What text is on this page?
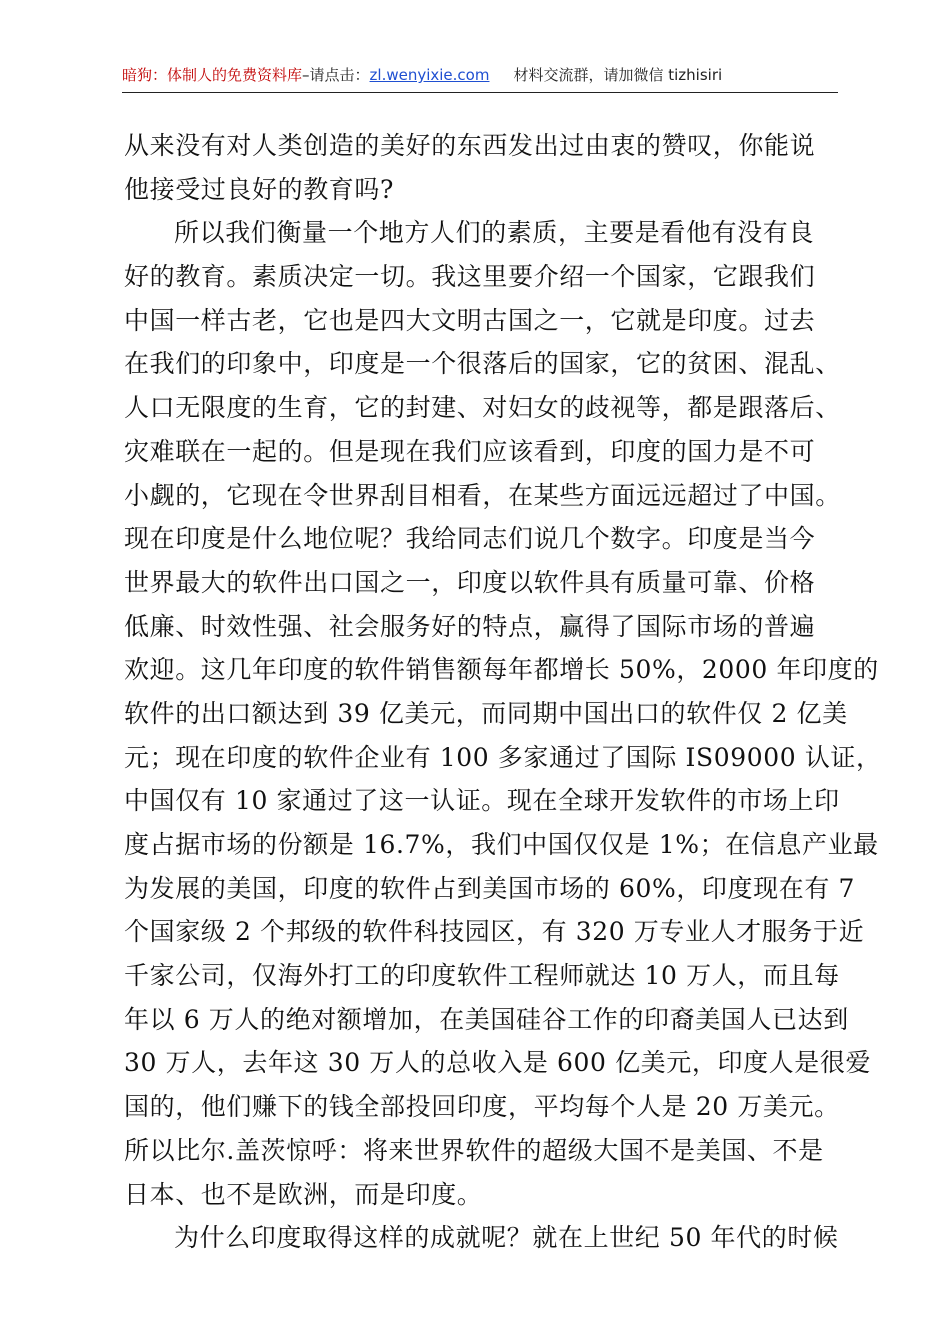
暗狗：体制人的免费资料库–请点击：zl.wenyixie.com 材料交流群，请加微信 tizhisiri
从来没有对人类创造的美好的东西发出过由衷的赞叹，你能说
他接受过良好的教育吗?
所以我们衡量一个地方人们的素质，主要是看他有没有良
好的教育。素质决定一切。我这里要介绍一个国家，它跟我们
中国一样古老，它也是四大文明古国之一，它就是印度。过去
在我们的印象中，印度是一个很落后的国家，它的贫困、混乱、
人口无限度的生育，它的封建、对妇女的歧视等，都是跟落后、
灾难联在一起的。但是现在我们应该看到，印度的国力是不可
小觑的，它现在令世界刮目相看，在某些方面远远超过了中国。
现在印度是什么地位呢？我给同志们说几个数字。印度是当今
世界最大的软件出口国之一，印度以软件具有质量可靠、价格
低廉、时效性强、社会服务好的特点，赢得了国际市场的普遍
欢迎。这几年印度的软件销售额每年都增长 50%，2000 年印度的
软件的出口额达到 39 亿美元，而同期中国出口的软件仅 2 亿美
元；现在印度的软件企业有 100 多家通过了国际 IS09000 认证，
中国仅有 10 家通过了这一认证。现在全球开发软件的市场上印
度占据市场的份额是 16.7%，我们中国仅仅是 1%；在信息产业最
为发展的美国，印度的软件占到美国市场的 60%，印度现在有 7
个国家级 2 个邦级的软件科技园区，有 320 万专业人才服务于近
千家公司，仅海外打工的印度软件工程师就达 10 万人，而且每
年以 6 万人的绝对额增加，在美国硅谷工作的印裔美国人已达到
30 万人，去年这 30 万人的总收入是 600 亿美元，印度人是很爱
国的，他们赚下的钱全部投回印度，平均每个人是 20 万美元。
所以比尔.盖茨惊呼：将来世界软件的超级大国不是美国、不是
日本、也不是欧洲，而是印度。
为什么印度取得这样的成就呢？就在上世纪 50 年代的时候
